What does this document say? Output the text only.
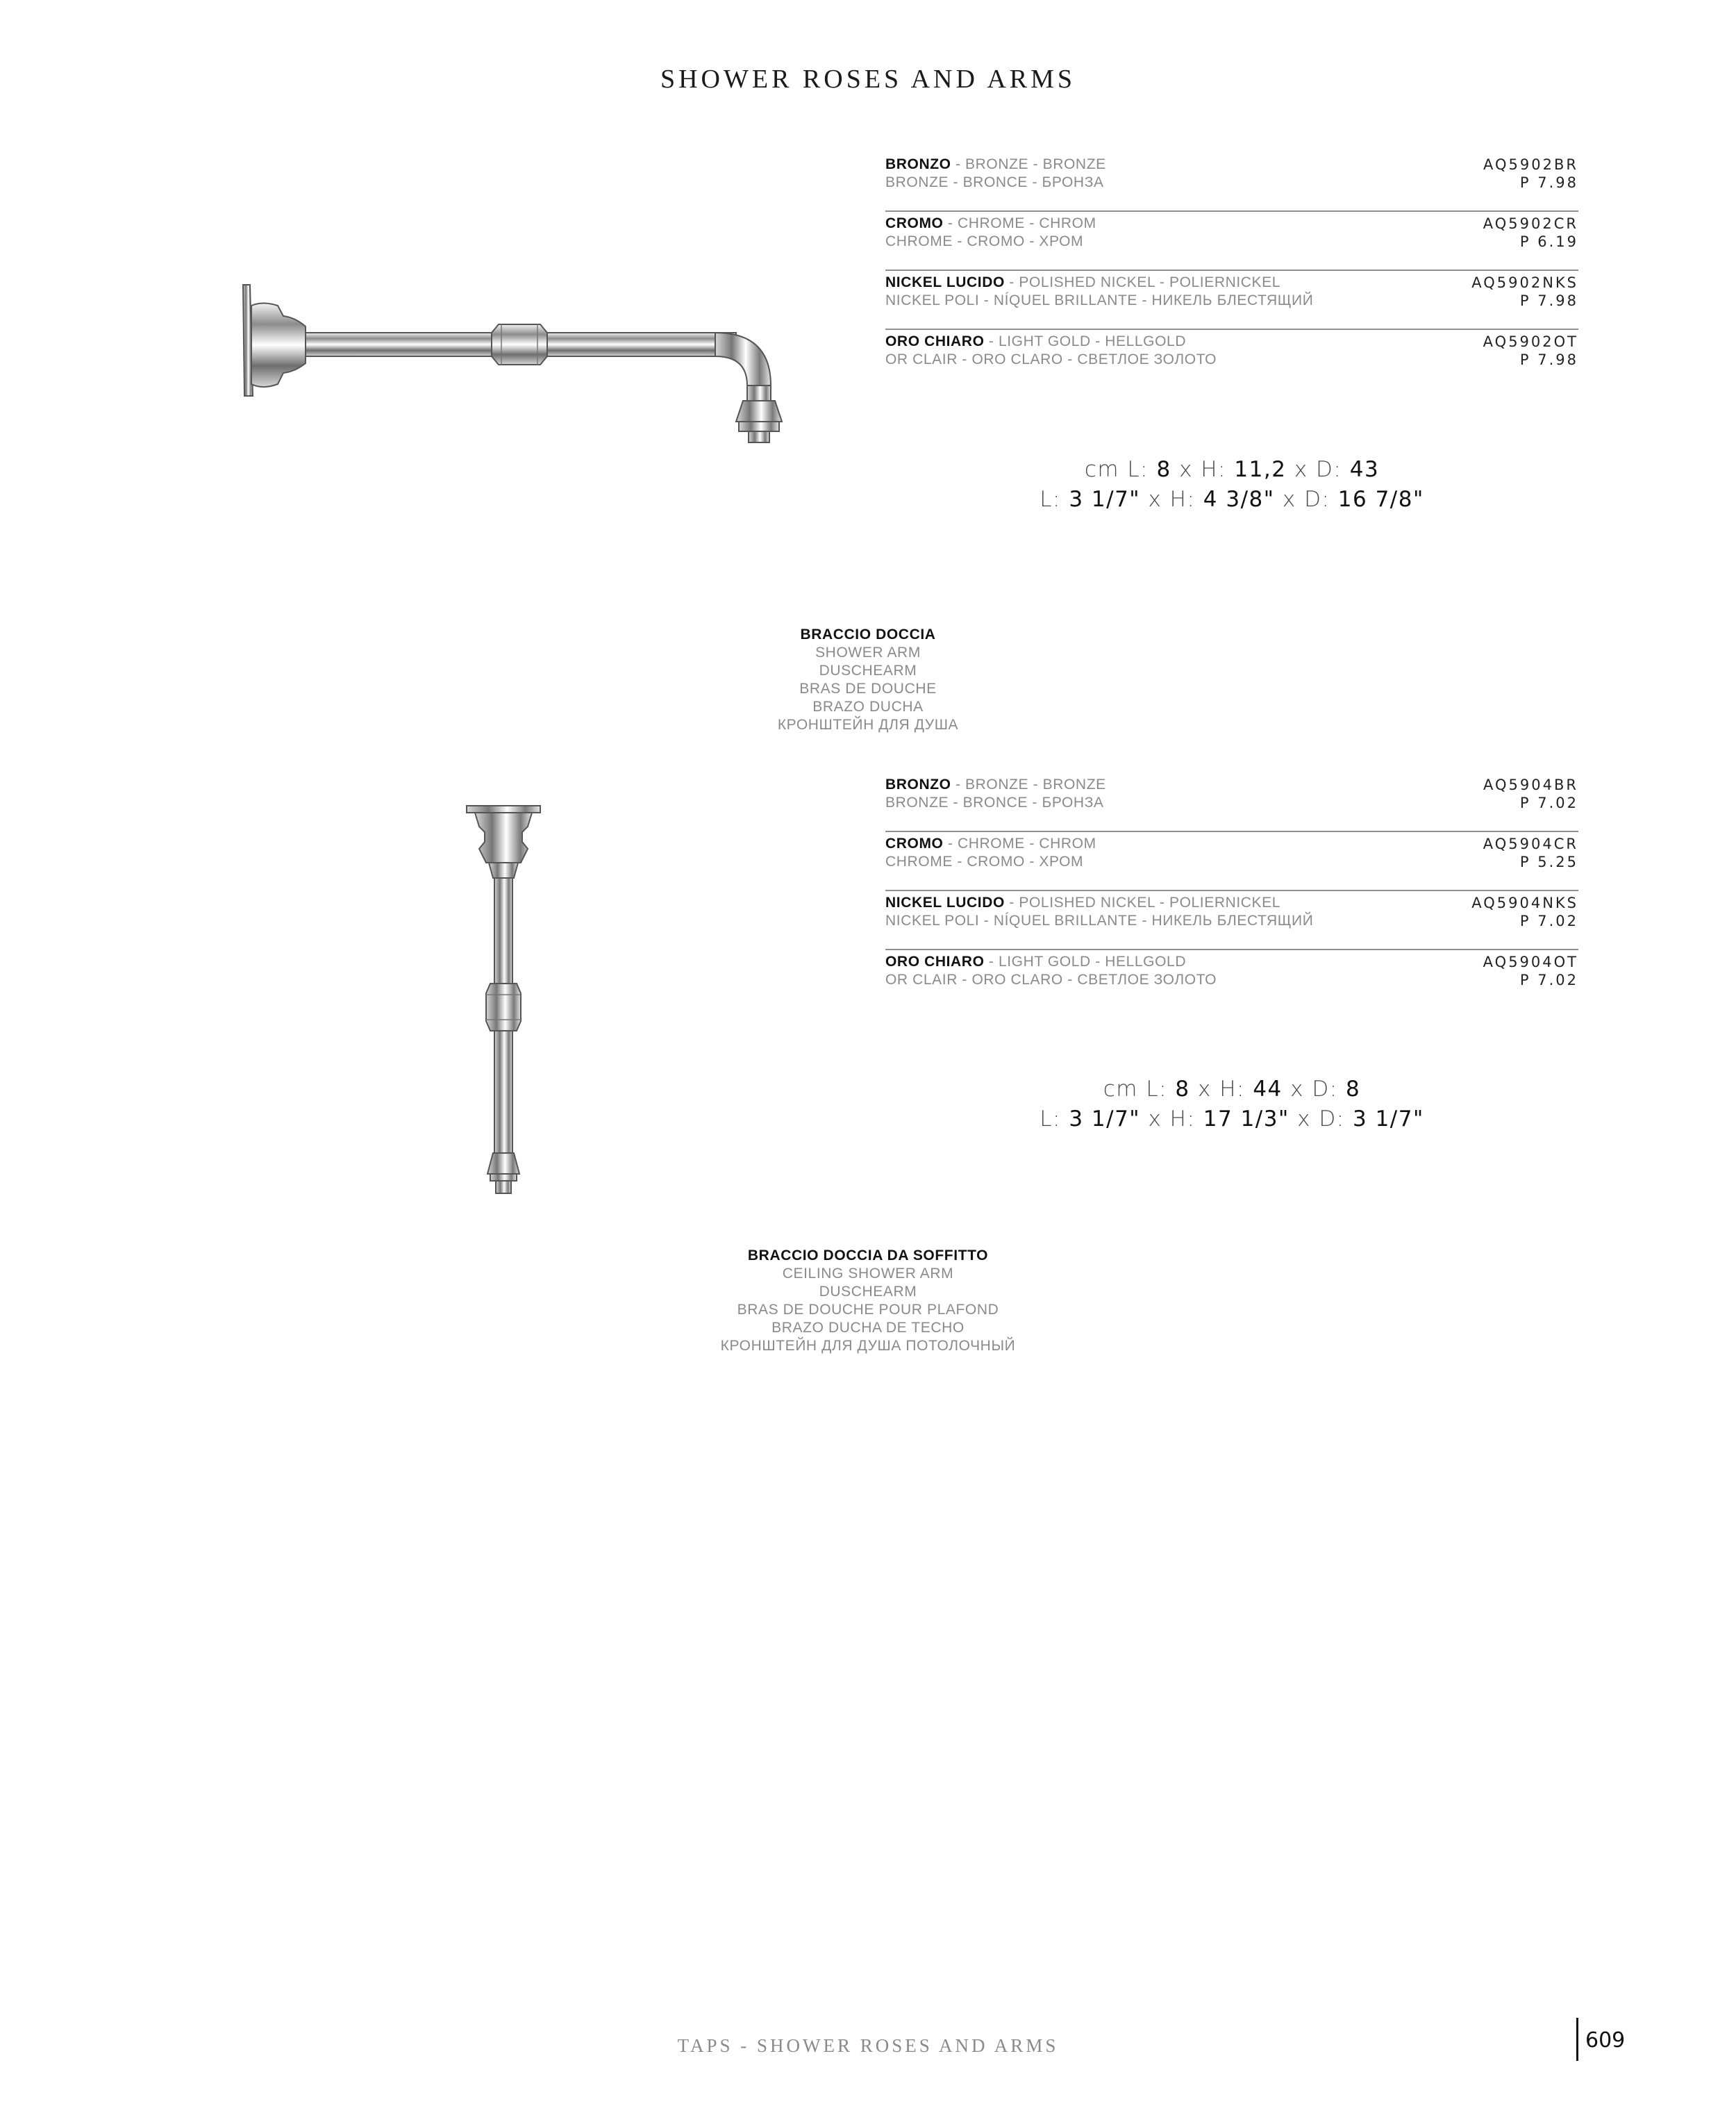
SHOWER ROSES AND ARMS
BRONZO - BRONZE - BRONZE
BRONZE - BRONCE - БРОНЗА
AQ5902BR
P 7.98
CROMO - CHROME - CHROM
CHROME - CROMO - ХРОМ
AQ5902CR
P 6.19
NICKEL LUCIDO - POLISHED NICKEL - POLIERNICKEL
NICKEL POLI - NÍQUEL BRILLANTE - НИКЕЛЬ БЛЕСТЯЩИЙ
AQ5902NKS
P 7.98
ORO CHIARO - LIGHT GOLD - HELLGOLD
OR CLAIR - ORO CLARO - СВЕТЛОЕ ЗОЛОТО
AQ5902OT
P 7.98
cm L: 8 x H: 11,2 x D: 43
L: 3 1/7" x H: 4 3/8" x D: 16 7/8"
BRACCIO DOCCIA
SHOWER ARM
DUSCHEARM
BRAS DE DOUCHE
BRAZO DUCHA
КРОНШТЕЙН ДЛЯ ДУША
BRONZO - BRONZE - BRONZE
BRONZE - BRONCE - БРОНЗА
AQ5904BR
P 7.02
CROMO - CHROME - CHROM
CHROME - CROMO - ХРОМ
AQ5904CR
P 5.25
NICKEL LUCIDO - POLISHED NICKEL - POLIERNICKEL
NICKEL POLI - NÍQUEL BRILLANTE - НИКЕЛЬ БЛЕСТЯЩИЙ
AQ5904NKS
P 7.02
ORO CHIARO - LIGHT GOLD - HELLGOLD
OR CLAIR - ORO CLARO - СВЕТЛОЕ ЗОЛОТО
AQ5904OT
P 7.02
cm L: 8 x H: 44 x D: 8
L: 3 1/7" x H: 17 1/3" x D: 3 1/7"
BRACCIO DOCCIA DA SOFFITTO
CEILING SHOWER ARM
DUSCHEARM
BRAS DE DOUCHE POUR PLAFOND
BRAZO DUCHA DE TECHO
КРОНШТЕЙН ДЛЯ ДУША ПОТОЛОЧНЫЙ
TAPS - SHOWER ROSES AND ARMS	609
